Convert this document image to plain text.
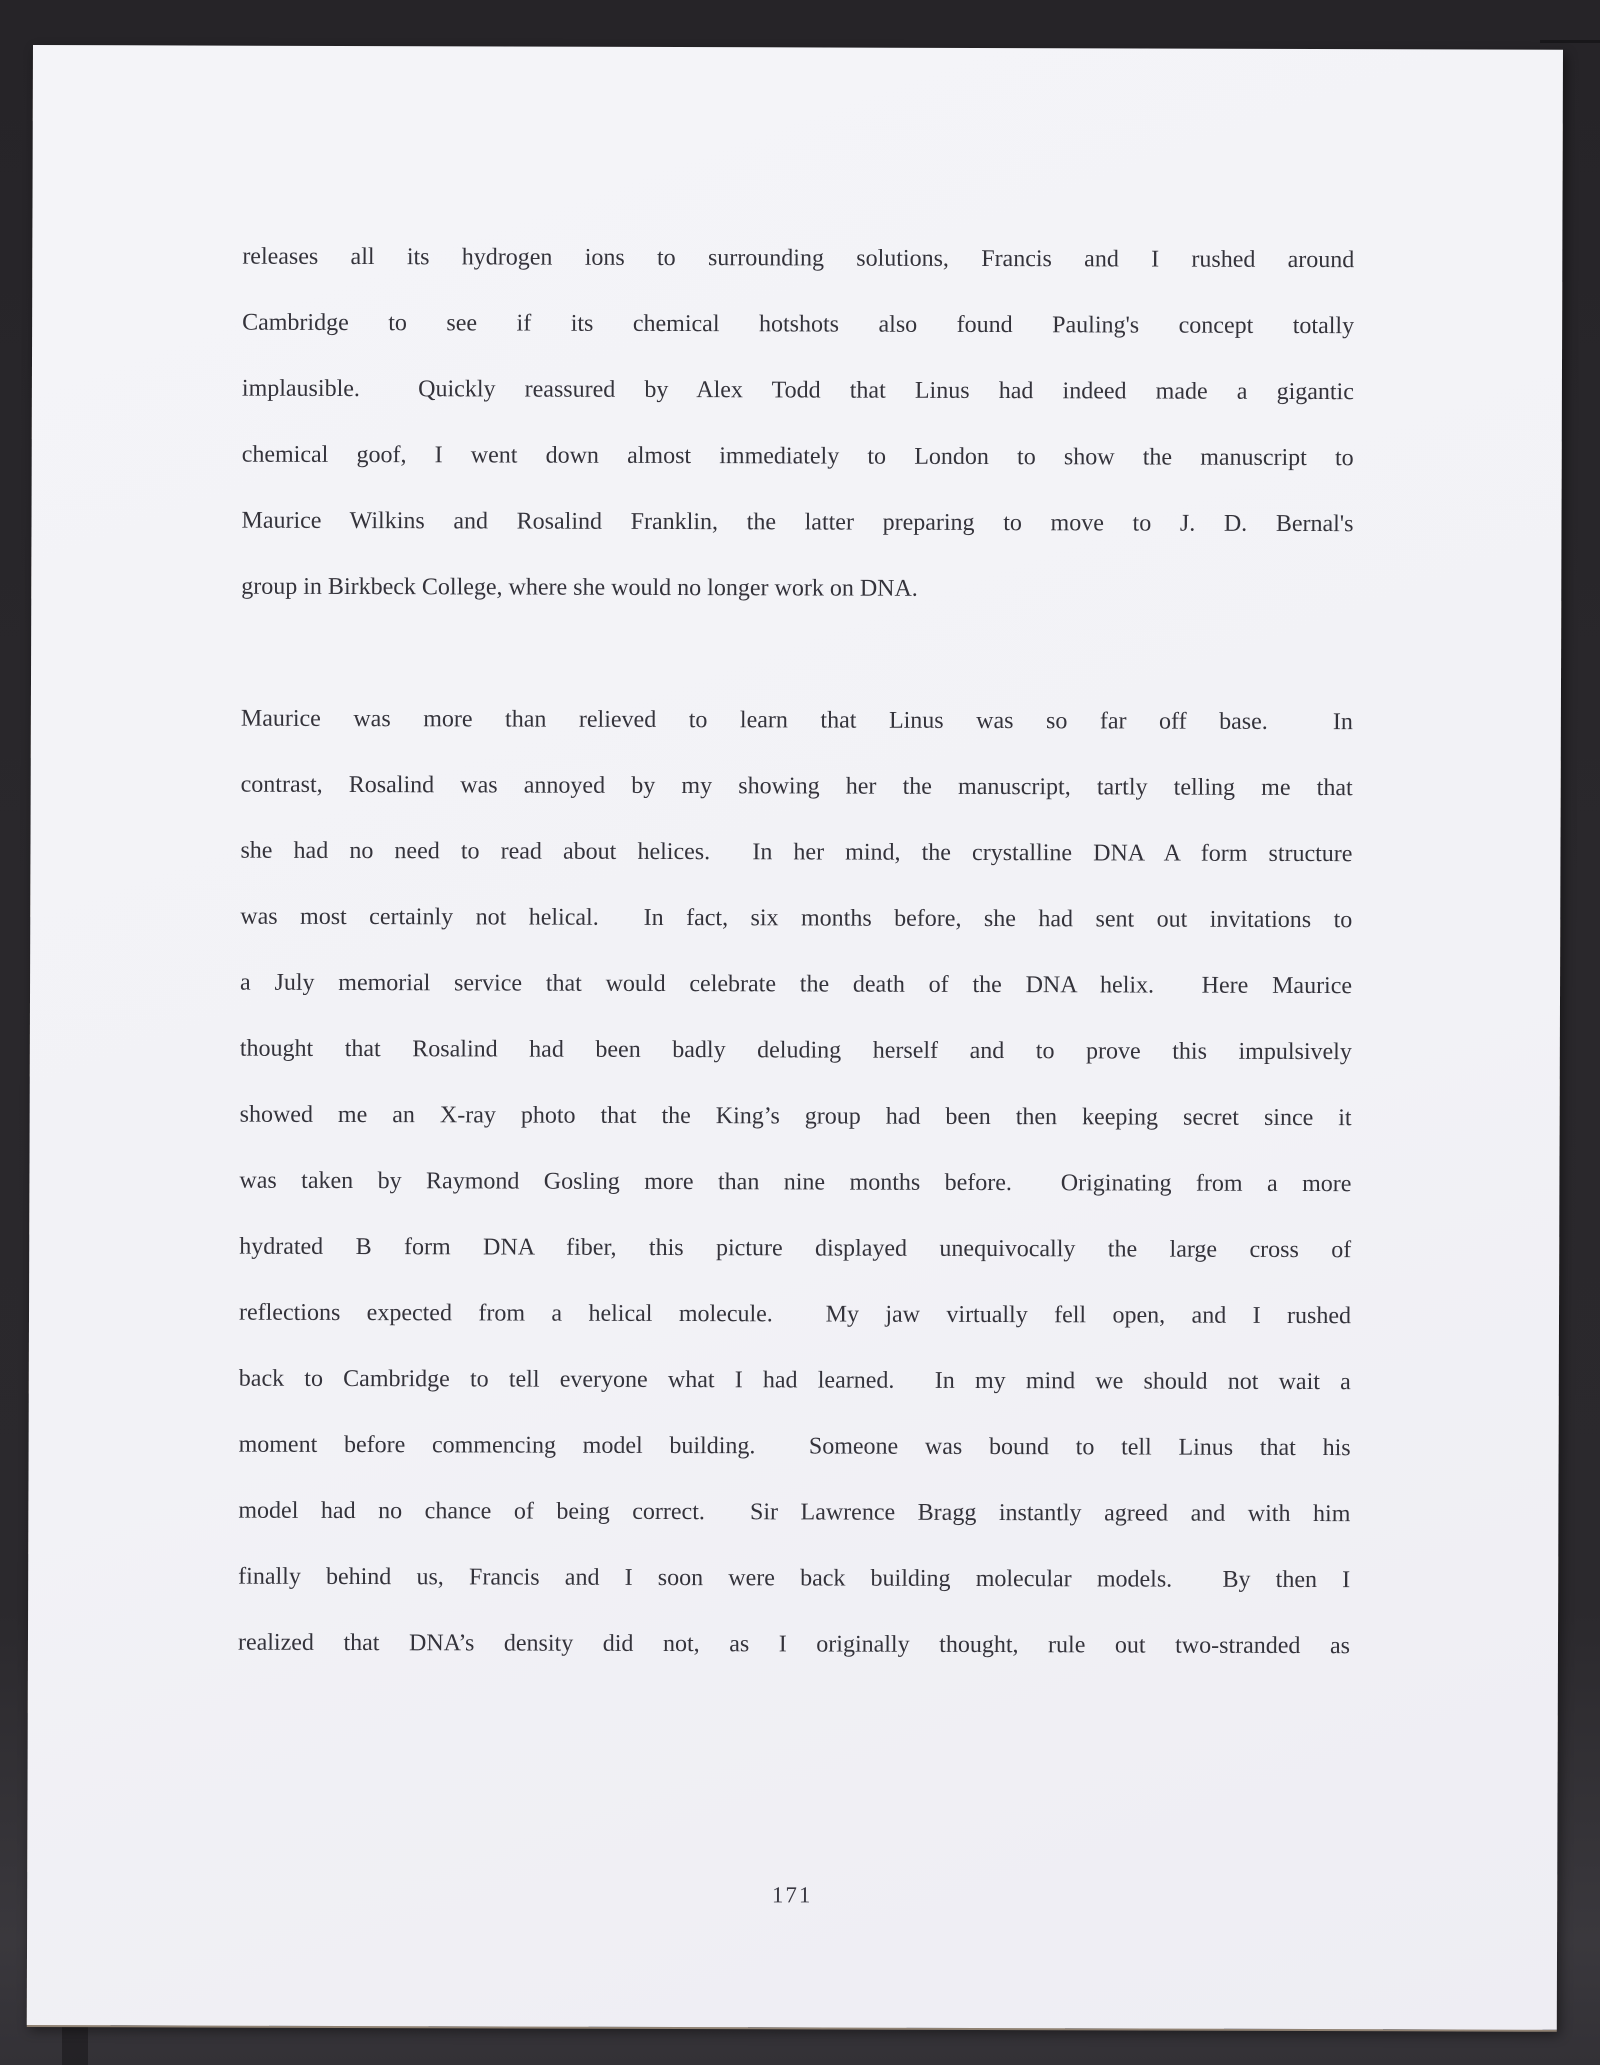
releases all its hydrogen ions to surrounding solutions, Francis and I rushed around
Cambridge to see if its chemical hotshots also found Pauling's concept totally
implausible.  Quickly reassured by Alex Todd that Linus had indeed made a gigantic
chemical goof, I went down almost immediately to London to show the manuscript to
Maurice Wilkins and Rosalind Franklin, the latter preparing to move to J. D. Bernal's
group in Birkbeck College, where she would no longer work on DNA.
Maurice was more than relieved to learn that Linus was so far off base.  In
contrast, Rosalind was annoyed by my showing her the manuscript, tartly telling me that
she had no need to read about helices.  In her mind, the crystalline DNA A form structure
was most certainly not helical.  In fact, six months before, she had sent out invitations to
a July memorial service that would celebrate the death of the DNA helix.  Here Maurice
thought that Rosalind had been badly deluding herself and to prove this impulsively
showed me an X-ray photo that the King’s group had been then keeping secret since it
was taken by Raymond Gosling more than nine months before.  Originating from a more
hydrated B form DNA fiber, this picture displayed unequivocally the large cross of
reflections expected from a helical molecule.  My jaw virtually fell open, and I rushed
back to Cambridge to tell everyone what I had learned.  In my mind we should not wait a
moment before commencing model building.  Someone was bound to tell Linus that his
model had no chance of being correct.  Sir Lawrence Bragg instantly agreed and with him
finally behind us, Francis and I soon were back building molecular models.  By then I
realized that DNA’s density did not, as I originally thought, rule out two-stranded as
171
